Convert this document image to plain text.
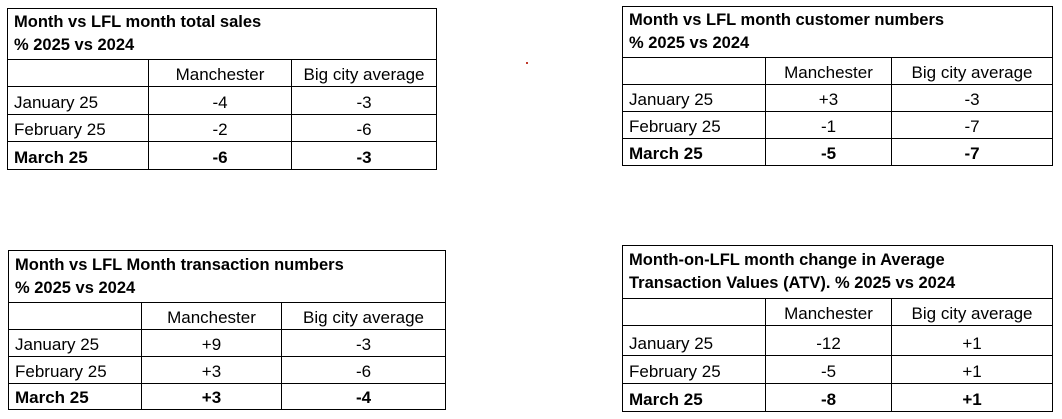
Month vs LFL month total sales
% 2025 vs 2024		
	Manchester	Big city average
January 25	-4	-3
February 25	-2	-6
March 25	-6	-3
Month vs LFL month customer numbers
% 2025 vs 2024		
	Manchester	Big city average
January 25	+3	-3
February 25	-1	-7
March 25	-5	-7
Month vs LFL Month transaction numbers
% 2025 vs 2024		
	Manchester	Big city average
January 25	+9	-3
February 25	+3	-6
March 25	+3	-4
Month-on-LFL month change in Average
Transaction Values (ATV). % 2025 vs 2024		
	Manchester	Big city average
January 25	-12	+1
February 25	-5	+1
March 25	-8	+1
